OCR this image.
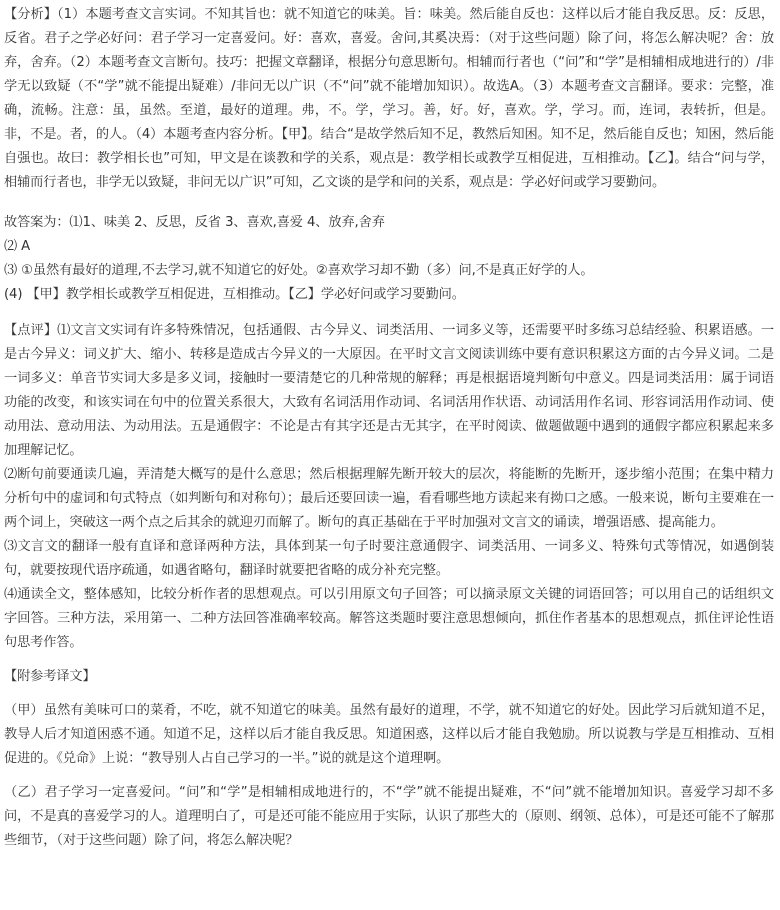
【分析】（1）本题考查文言实词。不知其旨也：就不知道它的味美。旨：味美。然后能自反也：这样以后才能自我反思。反：反思，反省。君子之学必好问：君子学习一定喜爱问。好：喜欢，喜爱。舍问,其奚决焉：（对于这些问题）除了问，将怎么解决呢？舍：放弃，舍弃。（2）本题考查文言断句。技巧：把握文章翻译，根据分句意思断句。相辅而行者也（“问”和“学”是相辅相成地进行的）/非学无以致疑（不“学”就不能提出疑难）/非问无以广识（不“问”就不能增加知识）。故选A。（3）本题考查文言翻译。要求：完整，准确，流畅。注意：虽，虽然。至道，最好的道理。弗，不。学，学习。善，好。好，喜欢。学，学习。而，连词，表转折，但是。非，不是。者，的人。（4）本题考查内容分析。【甲】。结合“是故学然后知不足，教然后知困。知不足，然后能自反也；知困，然后能自强也。故曰：教学相长也”可知，甲文是在谈教和学的关系，观点是：教学相长或教学互相促进，互相推动。【乙】。结合“问与学，相辅而行者也，非学无以致疑，非问无以广识”可知，乙文谈的是学和问的关系，观点是：学必好问或学习要勤问。

故答案为：⑴1、味美 2、反思，反省 3、喜欢,喜爱 4、放弃,舍弃

⑵ A

⑶ ①虽然有最好的道理,不去学习,就不知道它的好处。②喜欢学习却不勤（多）问,不是真正好学的人。

(4) 【甲】教学相长或教学互相促进，互相推动。【乙】学必好问或学习要勤问。

【点评】⑴文言文实词有许多特殊情况，包括通假、古今异义、词类活用、一词多义等，还需要平时多练习总结经验、积累语感。一是古今异义：词义扩大、缩小、转移是造成古今异义的一大原因。在平时文言文阅读训练中要有意识积累这方面的古今异义词。二是一词多义：单音节实词大多是多义词，接触时一要清楚它的几种常规的解释；再是根据语境判断句中意义。四是词类活用：属于词语功能的改变，和该实词在句中的位置关系很大，大致有名词活用作动词、名词活用作状语、动词活用作名词、形容词活用作动词、使动用法、意动用法、为动用法。五是通假字：不论是古有其字还是古无其字，在平时阅读、做题做题中遇到的通假字都应积累起来多加理解记忆。

⑵断句前要通读几遍，弄清楚大概写的是什么意思；然后根据理解先断开较大的层次，将能断的先断开，逐步缩小范围；在集中精力分析句中的虚词和句式特点（如判断句和对称句）；最后还要回读一遍，看看哪些地方读起来有拗口之感。一般来说，断句主要难在一两个词上，突破这一两个点之后其余的就迎刃而解了。断句的真正基础在于平时加强对文言文的诵读，增强语感、提高能力。

⑶文言文的翻译一般有直译和意译两种方法，具体到某一句子时要注意通假字、词类活用、一词多义、特殊句式等情况，如遇倒装句，就要按现代语序疏通，如遇省略句，翻译时就要把省略的成分补充完整。

⑷通读全文，整体感知，比较分析作者的思想观点。可以引用原文句子回答；可以摘录原文关键的词语回答；可以用自己的话组织文字回答。三种方法，采用第一、二种方法回答准确率较高。解答这类题时要注意思想倾向，抓住作者基本的思想观点，抓住评论性语句思考作答。

【附参考译文】

（甲）虽然有美味可口的菜肴，不吃，就不知道它的味美。虽然有最好的道理，不学，就不知道它的好处。因此学习后就知道不足，教导人后才知道困惑不通。知道不足，这样以后才能自我反思。知道困惑，这样以后才能自我勉励。所以说教与学是互相推动、互相促进的。《兑命》上说：“教导别人占自己学习的一半。”说的就是这个道理啊。

（乙）君子学习一定喜爱问。“问”和“学”是相辅相成地进行的，不“学”就不能提出疑难，不“问”就不能增加知识。喜爱学习却不多问，不是真的喜爱学习的人。道理明白了，可是还可能不能应用于实际，认识了那些大的（原则、纲领、总体），可是还可能不了解那些细节，（对于这些问题）除了问，将怎么解决呢？
